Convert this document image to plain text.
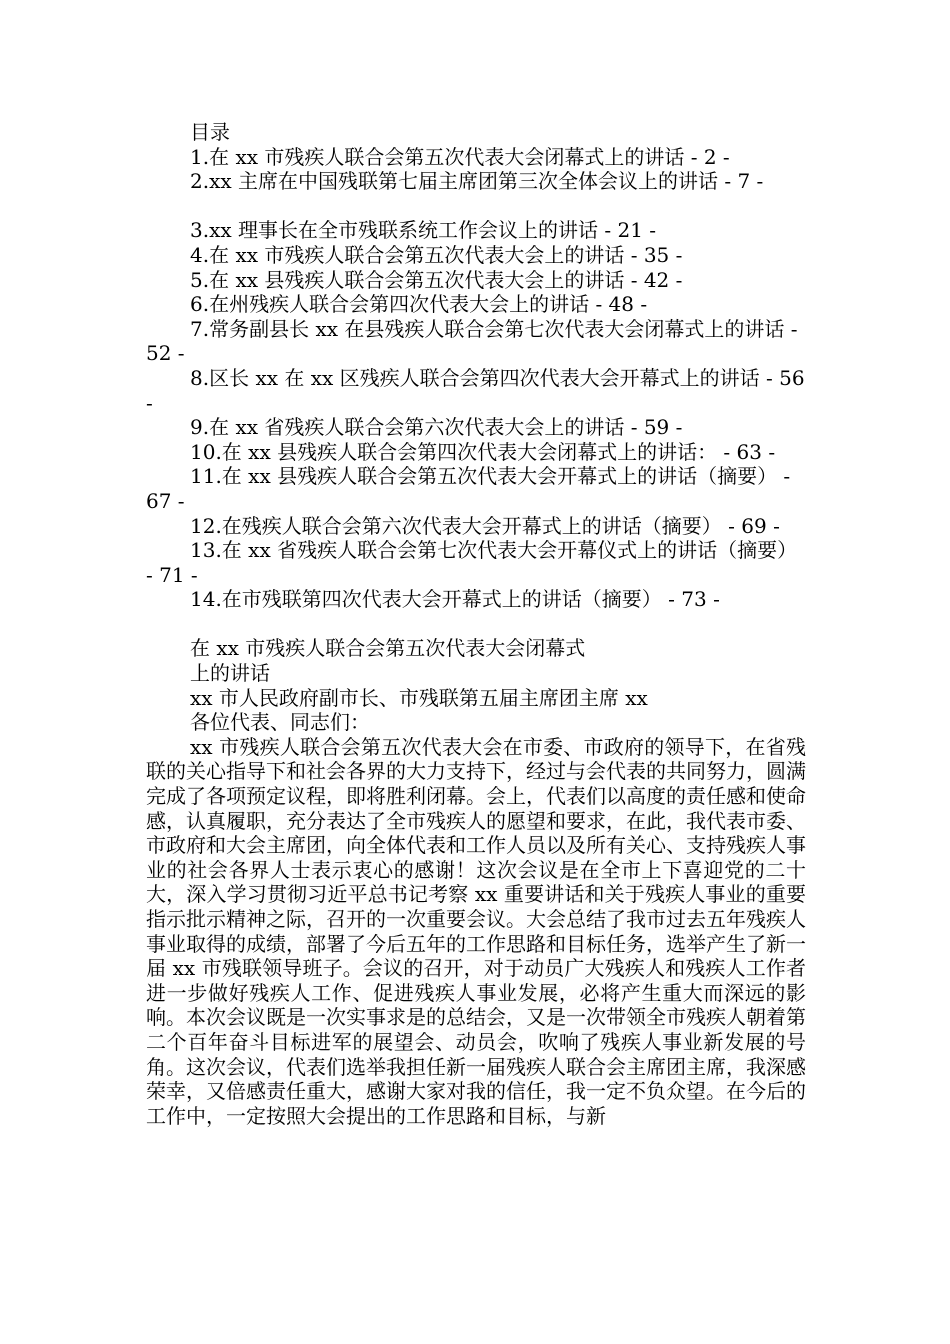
目录

1.在 xx 市残疾人联合会第五次代表大会闭幕式上的讲话 - 2 -

2.xx 主席在中国残联第七届主席团第三次全体会议上的讲话 - 7 -

3.xx 理事长在全市残联系统工作会议上的讲话 - 21 -

4.在 xx 市残疾人联合会第五次代表大会上的讲话 - 35 -

5.在 xx 县残疾人联合会第五次代表大会上的讲话 - 42 -

6.在州残疾人联合会第四次代表大会上的讲话 - 48 -

7.常务副县长 xx 在县残疾人联合会第七次代表大会闭幕式上的讲话 - 52 -

8.区长 xx 在 xx 区残疾人联合会第四次代表大会开幕式上的讲话 - 56 -

9.在 xx 省残疾人联合会第六次代表大会上的讲话 - 59 -

10.在 xx 县残疾人联合会第四次代表大会闭幕式上的讲话： - 63 -

11.在 xx 县残疾人联合会第五次代表大会开幕式上的讲话（摘要） - 67 -

12.在残疾人联合会第六次代表大会开幕式上的讲话（摘要） - 69 -

13.在 xx 省残疾人联合会第七次代表大会开幕仪式上的讲话（摘要） - 71 -

14.在市残联第四次代表大会开幕式上的讲话（摘要） - 73 -

在 xx 市残疾人联合会第五次代表大会闭幕式

上的讲话

xx 市人民政府副市长、市残联第五届主席团主席 xx

各位代表、同志们：

xx 市残疾人联合会第五次代表大会在市委、市政府的领导下，在省残联的关心指导下和社会各界的大力支持下，经过与会代表的共同努力，圆满完成了各项预定议程，即将胜利闭幕。会上，代表们以高度的责任感和使命感，认真履职，充分表达了全市残疾人的愿望和要求，在此，我代表市委、市政府和大会主席团，向全体代表和工作人员以及所有关心、支持残疾人事业的社会各界人士表示衷心的感谢！这次会议是在全市上下喜迎党的二十大，深入学习贯彻习近平总书记考察 xx 重要讲话和关于残疾人事业的重要指示批示精神之际，召开的一次重要会议。大会总结了我市过去五年残疾人事业取得的成绩，部署了今后五年的工作思路和目标任务，选举产生了新一届 xx 市残联领导班子。会议的召开，对于动员广大残疾人和残疾人工作者进一步做好残疾人工作、促进残疾人事业发展，必将产生重大而深远的影响。本次会议既是一次实事求是的总结会，又是一次带领全市残疾人朝着第二个百年奋斗目标进军的展望会、动员会，吹响了残疾人事业新发展的号角。这次会议，代表们选举我担任新一届残疾人联合会主席团主席，我深感荣幸，又倍感责任重大，感谢大家对我的信任，我一定不负众望。在今后的工作中，一定按照大会提出的工作思路和目标，与新
